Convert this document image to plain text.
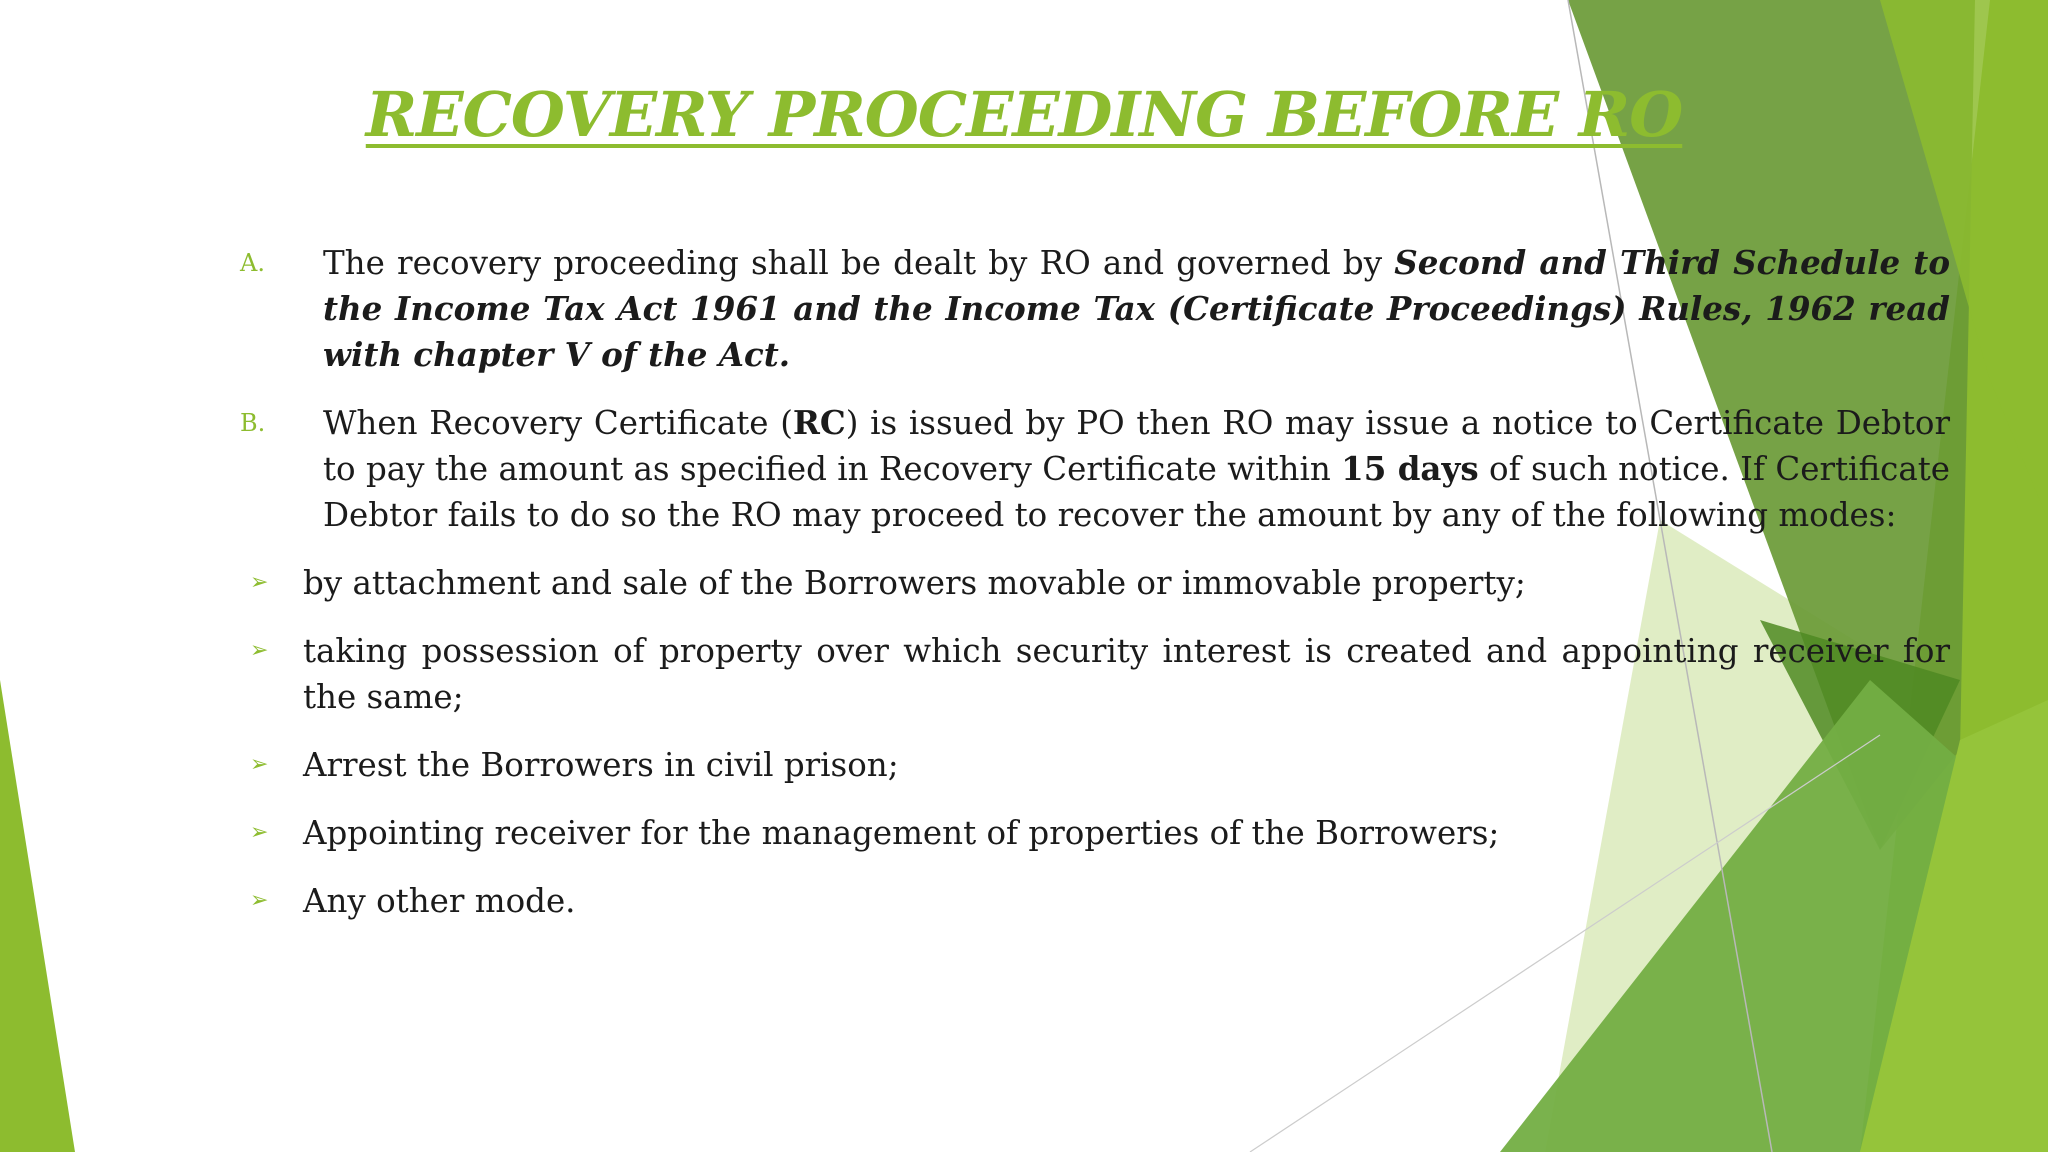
RECOVERY PROCEEDING BEFORE RO
A. The recovery proceeding shall be dealt by RO and governed by Second and Third Schedule to the Income Tax Act 1961 and the Income Tax (Certificate Proceedings) Rules, 1962 read with chapter V of the Act.
B. When Recovery Certificate (RC) is issued by PO then RO may issue a notice to Certificate Debtor to pay the amount as specified in Recovery Certificate within 15 days of such notice. If Certificate Debtor fails to do so the RO may proceed to recover the amount by any of the following modes:
➢ by attachment and sale of the Borrowers movable or immovable property;
➢ taking possession of property over which security interest is created and appointing receiver for the same;
➢ Arrest the Borrowers in civil prison;
➢ Appointing receiver for the management of properties of the Borrowers;
➢ Any other mode.
